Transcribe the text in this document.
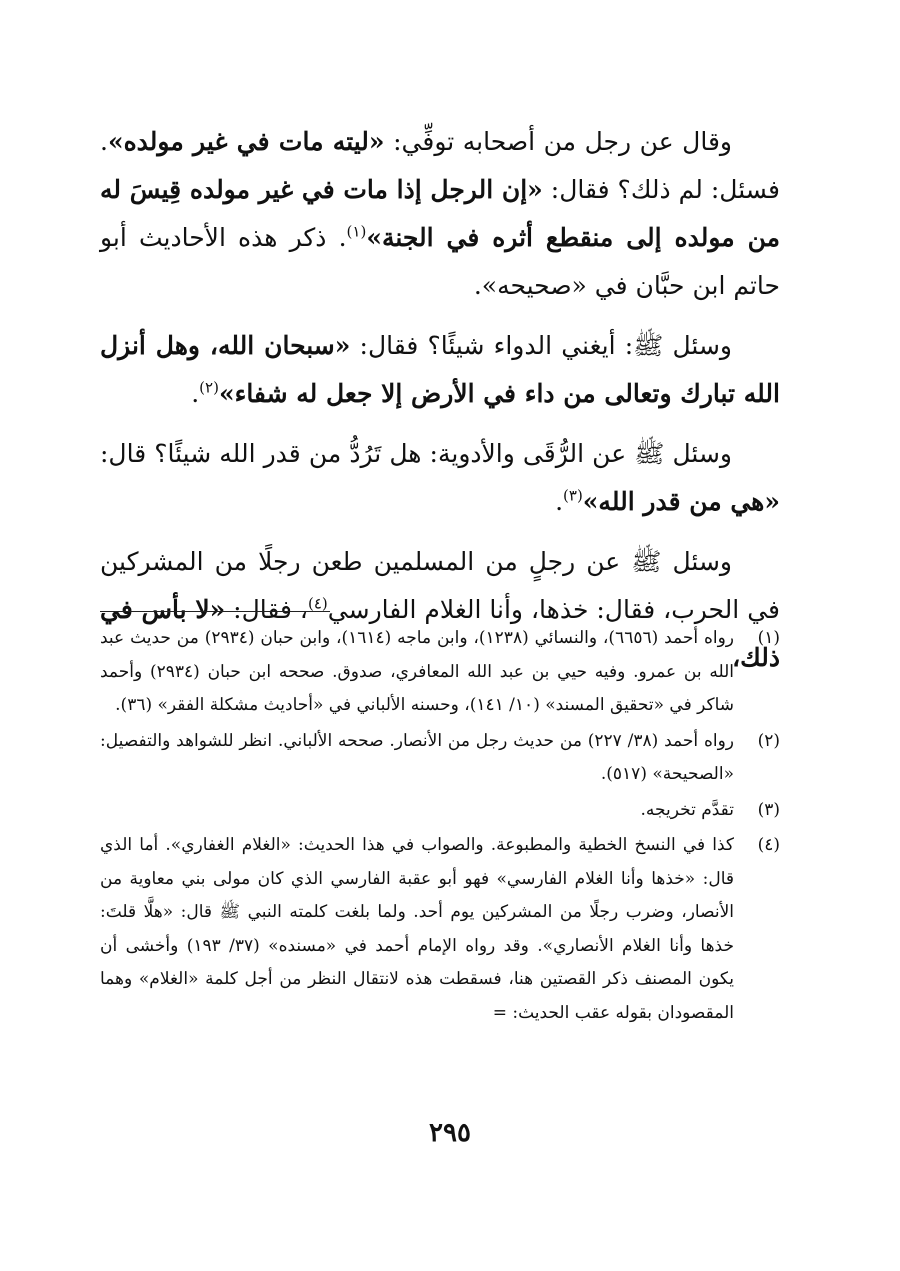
وقال عن رجل من أصحابه توفِّي: «ليته مات في غير مولده». فسئل: لم ذلك؟ فقال: «إن الرجل إذا مات في غير مولده قِيسَ له من مولده إلى منقطع أثره في الجنة»$^{(١)}$. ذكر هذه الأحاديث أبو حاتم ابن حبَّان في «صحيحه».

وسئل ﷺ: أيغني الدواء شيئًا؟ فقال: «سبحان الله، وهل أنزل الله تبارك وتعالى من داء في الأرض إلا جعل له شفاء»$^{(٢)}$.

وسئل ﷺ عن الرُّقَى والأدوية: هل تَرُدُّ من قدر الله شيئًا؟ قال: «هي من قدر الله»$^{(٣)}$.

وسئل ﷺ عن رجلٍ من المسلمين طعن رجلًا من المشركين في الحرب، فقال: خذها، وأنا الغلام الفارسي$^{(٤)}$، فقال: «لا بأس في ذلك،

(١)
رواه أحمد (٦٦٥٦)، والنسائي (١٢٣٨)، وابن ماجه (١٦١٤)، وابن حبان (٢٩٣٤) من حديث عبد الله بن عمرو. وفيه حيي بن عبد الله المعافري، صدوق. صححه ابن حبان (٢٩٣٤) وأحمد شاكر في «تحقيق المسند» (١٠/ ١٤١)، وحسنه الألباني في «أحاديث مشكلة الفقر» (٣٦).
(٢)
رواه أحمد (٣٨/ ٢٢٧) من حديث رجل من الأنصار. صححه الألباني. انظر للشواهد والتفصيل: «الصحيحة» (٥١٧).
(٣)
تقدَّم تخريجه.
(٤)
كذا في النسخ الخطية والمطبوعة. والصواب في هذا الحديث: «الغلام الغفاري». أما الذي قال: «خذها وأنا الغلام الفارسي» فهو أبو عقبة الفارسي الذي كان مولى بني معاوية من الأنصار، وضرب رجلًا من المشركين يوم أحد. ولما بلغت كلمته النبي ﷺ قال: «هلَّا قلتَ: خذها وأنا الغلام الأنصاري». وقد رواه الإمام أحمد في «مسنده» (٣٧/ ١٩٣) وأخشى أن يكون المصنف ذكر القصتين هنا، فسقطت هذه لانتقال النظر من أجل كلمة «الغلام» وهما المقصودان بقوله عقب الحديث: =
٢٩٥
